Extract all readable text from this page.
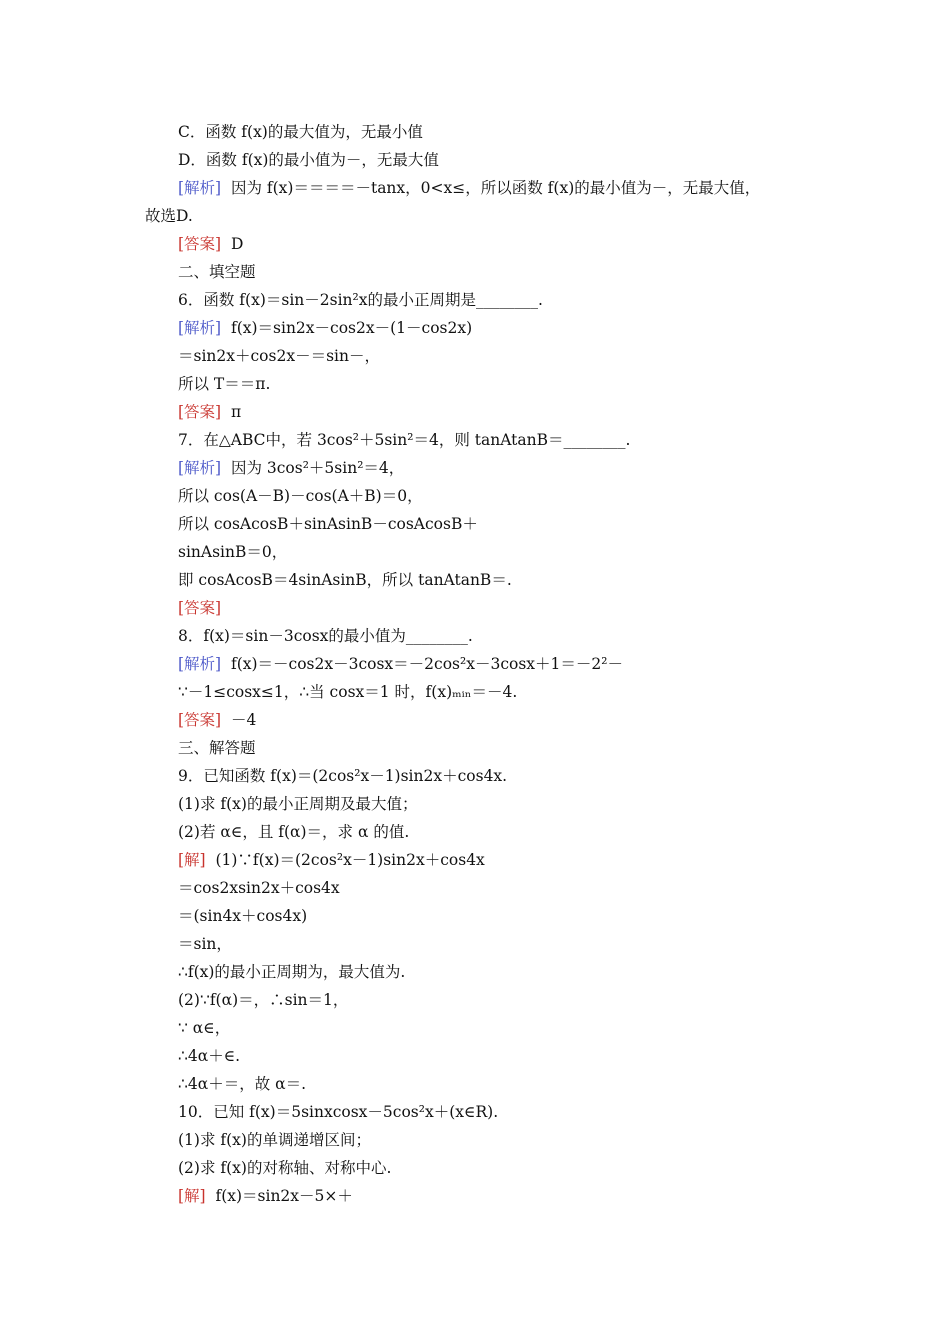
C．函数 f(x)的最大值为，无最小值
D．函数 f(x)的最小值为－，无最大值
[解析]  因为 f(x)＝＝＝＝－tanx，0<x≤，所以函数 f(x)的最小值为－，无最大值，
故选D.
[答案]  D
二、填空题
6．函数 f(x)＝sin－2sin²x的最小正周期是________.
[解析]  f(x)＝sin2x－cos2x－(1－cos2x)
＝sin2x＋cos2x－＝sin－，
所以 T＝＝π.
[答案]  π
7．在△ABC中，若 3cos²＋5sin²＝4，则 tanAtanB＝________.
[解析]  因为 3cos²＋5sin²＝4，
所以 cos(A－B)－cos(A＋B)＝0，
所以 cosAcosB＋sinAsinB－cosAcosB＋
sinAsinB＝0，
即 cosAcosB＝4sinAsinB，所以 tanAtanB＝.
[答案]
8．f(x)＝sin－3cosx的最小值为________.
[解析]  f(x)＝－cos2x－3cosx＝－2cos²x－3cosx＋1＝－2²－
∵－1≤cosx≤1，∴当 cosx＝1 时，f(x)ₘᵢₙ＝－4.
[答案]  －4
三、解答题
9．已知函数 f(x)＝(2cos²x－1)sin2x＋cos4x.
(1)求 f(x)的最小正周期及最大值；
(2)若 α∈，且 f(α)＝，求 α 的值.
[解]  (1)∵f(x)＝(2cos²x－1)sin2x＋cos4x
＝cos2xsin2x＋cos4x
＝(sin4x＋cos4x)
＝sin，
∴f(x)的最小正周期为，最大值为.
(2)∵f(α)＝，∴sin＝1，
∵ α∈，
∴4α＋∈.
∴4α＋＝，故 α＝.
10．已知 f(x)＝5sinxcosx－5cos²x＋(x∈R).
(1)求 f(x)的单调递增区间；
(2)求 f(x)的对称轴、对称中心.
[解]  f(x)＝sin2x－5×＋
